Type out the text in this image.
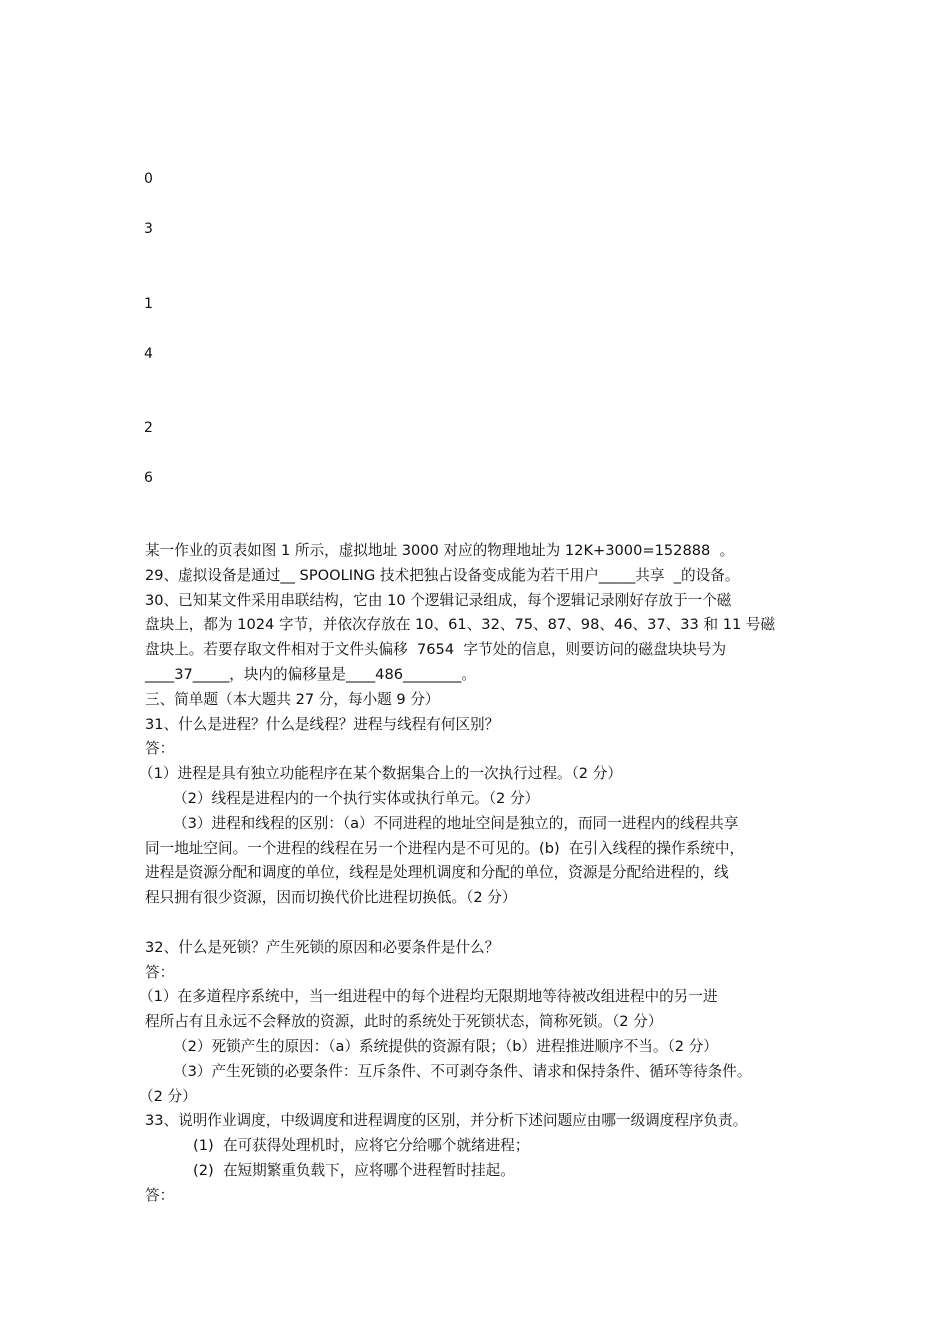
0
3
1
4
2
6

某一作业的页表如图 1 所示，虚拟地址 3000 对应的物理地址为 12K+3000=152888  。

29、虚拟设备是通过__ SPOOLING 技术把独占设备变成能为若干用户_____共享  _的设备。

30、已知某文件采用串联结构，它由 10 个逻辑记录组成，每个逻辑记录刚好存放于一个磁

盘块上，都为 1024 字节，并依次存放在 10、61、32、75、87、98、46、37、33 和 11 号磁

盘块上。若要存取文件相对于文件头偏移  7654  字节处的信息，则要访问的磁盘块块号为

____37_____，块内的偏移量是____486________。

三、简单题（本大题共 27 分，每小题 9 分）

31、什么是进程？什么是线程？进程与线程有何区别？

答：

（1）进程是具有独立功能程序在某个数据集合上的一次执行过程。（2 分）

（2）线程是进程内的一个执行实体或执行单元。（2 分）

（3）进程和线程的区别：（a）不同进程的地址空间是独立的，而同一进程内的线程共享

同一地址空间。一个进程的线程在另一个进程内是不可见的。(b)  在引入线程的操作系统中，

进程是资源分配和调度的单位，线程是处理机调度和分配的单位，资源是分配给进程的，线

程只拥有很少资源，因而切换代价比进程切换低。（2 分）

32、什么是死锁？产生死锁的原因和必要条件是什么？

答：

（1）在多道程序系统中，当一组进程中的每个进程均无限期地等待被改组进程中的另一进

程所占有且永远不会释放的资源，此时的系统处于死锁状态，简称死锁。（2 分）

（2）死锁产生的原因：（a）系统提供的资源有限；（b）进程推进顺序不当。（2 分）

（3）产生死锁的必要条件：互斥条件、不可剥夺条件、请求和保持条件、循环等待条件。

（2 分）

33、说明作业调度，中级调度和进程调度的区别，并分析下述问题应由哪一级调度程序负责。

(1)  在可获得处理机时，应将它分给哪个就绪进程；

(2)  在短期繁重负载下，应将哪个进程暂时挂起。

答：
